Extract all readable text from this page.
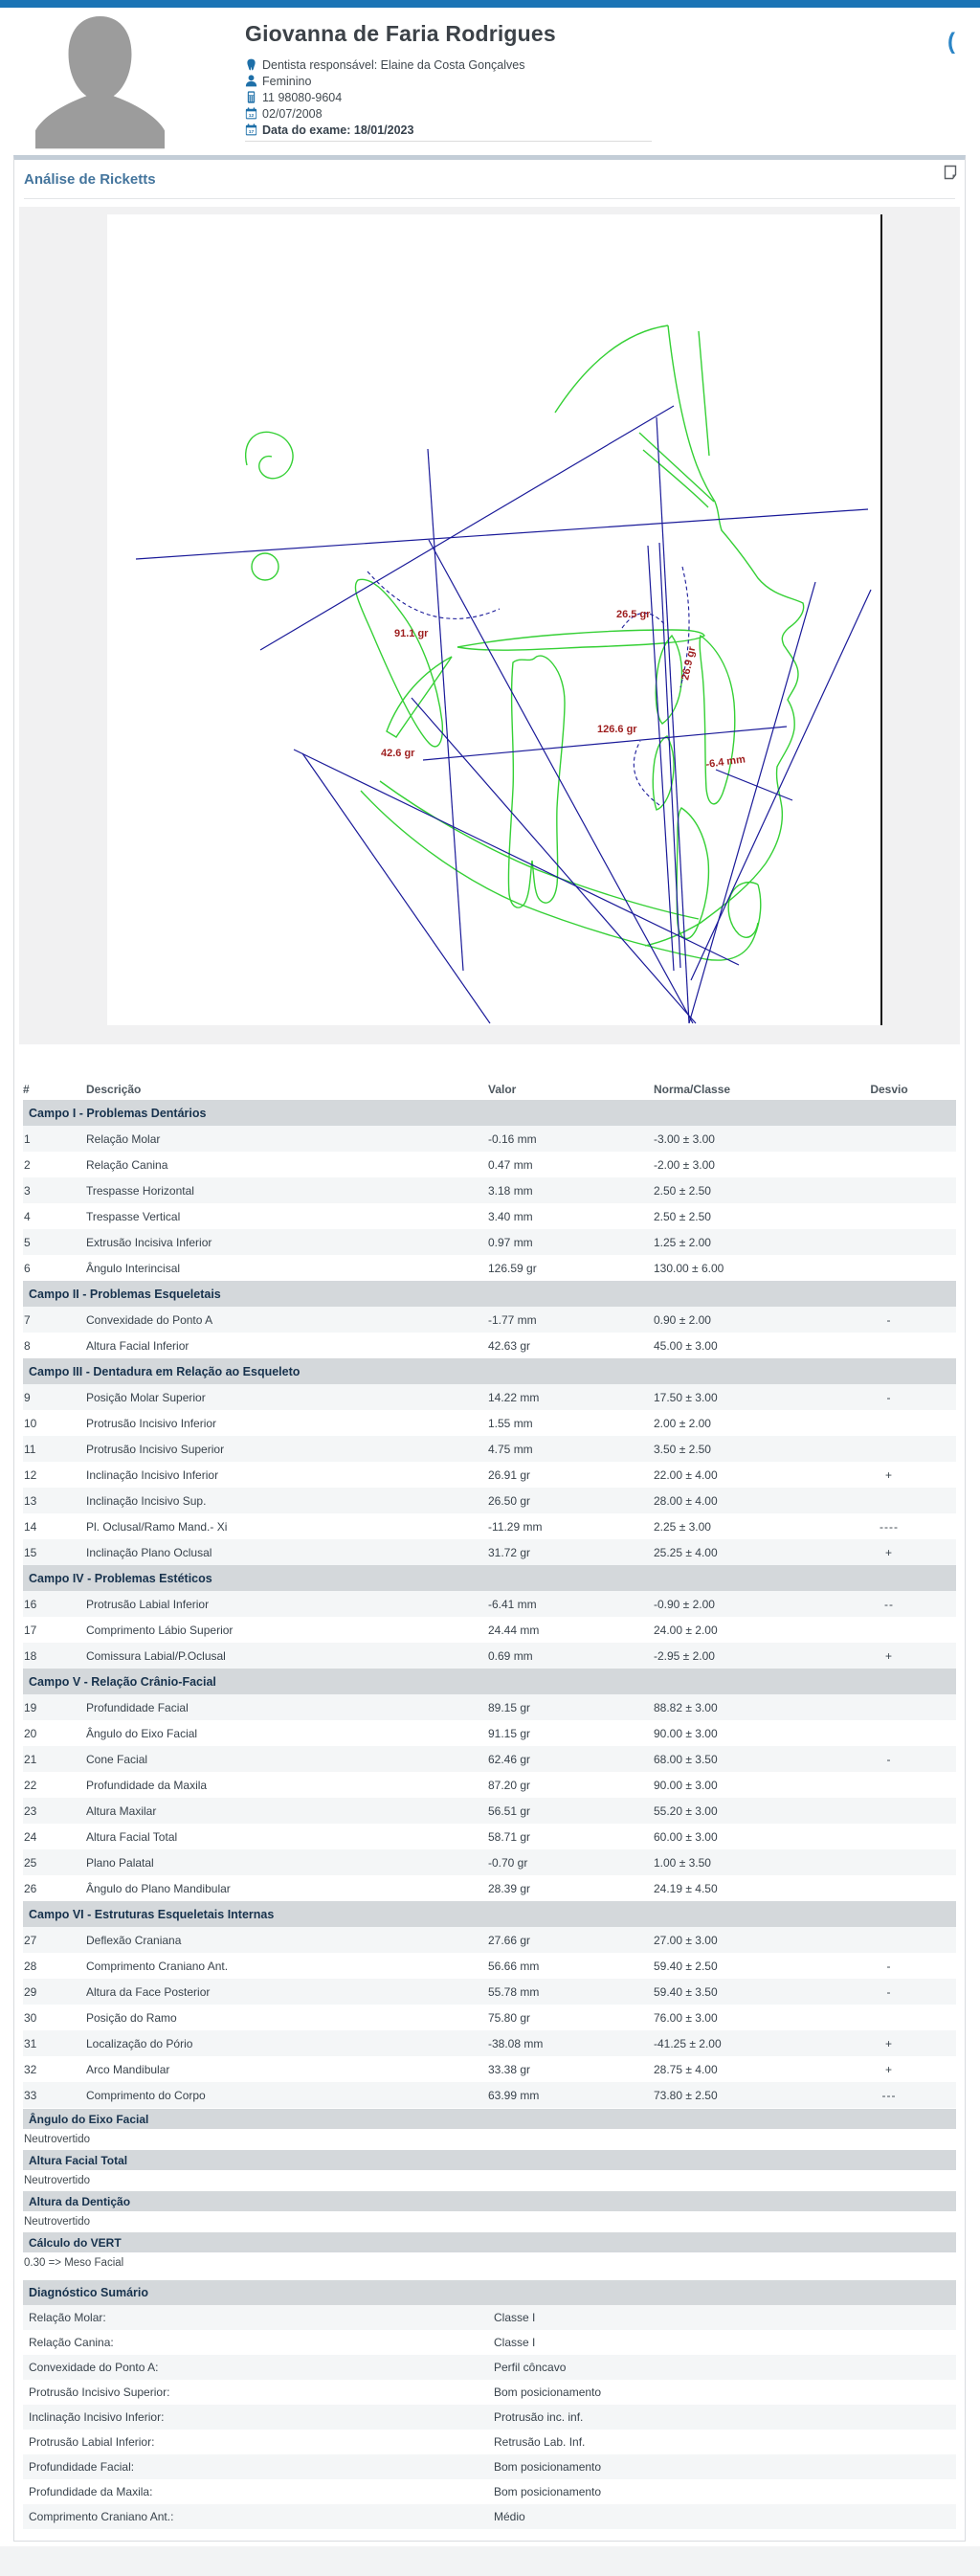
Giovanna de Faria Rodrigues
Dentista responsável: Elaine da Costa Gonçalves
Feminino
11 98080-9604
12 02/07/2008
17 Data do exame:
18/01/2023
(
Análise de Ricketts
91.1 gr
26.5 gr
26.9 gr
126.6 gr
42.6 gr
-6.4 mm
#	Descrição	Valor	Norma/Classe	Desvio
Campo I - Problemas Dentários
1	Relação Molar	-0.16 mm	-3.00 ± 3.00
2	Relação Canina	0.47 mm	-2.00 ± 3.00
3	Trespasse Horizontal	3.18 mm	2.50 ± 2.50
4	Trespasse Vertical	3.40 mm	2.50 ± 2.50
5	Extrusão Incisiva Inferior	0.97 mm	1.25 ± 2.00
6	Ângulo Interincisal	126.59 gr	130.00 ± 6.00
Campo II - Problemas Esqueletais
7	Convexidade do Ponto A	-1.77 mm	0.90 ± 2.00	-
8	Altura Facial Inferior	42.63 gr	45.00 ± 3.00
Campo III - Dentadura em Relação ao Esqueleto
9	Posição Molar Superior	14.22 mm	17.50 ± 3.00	-
10	Protrusão Incisivo Inferior	1.55 mm	2.00 ± 2.00
11	Protrusão Incisivo Superior	4.75 mm	3.50 ± 2.50
12	Inclinação Incisivo Inferior	26.91 gr	22.00 ± 4.00	+
13	Inclinação Incisivo Sup.	26.50 gr	28.00 ± 4.00
14	Pl. Oclusal/Ramo Mand.- Xi	-11.29 mm	2.25 ± 3.00	----
15	Inclinação Plano Oclusal	31.72 gr	25.25 ± 4.00	+
Campo IV - Problemas Estéticos
16	Protrusão Labial Inferior	-6.41 mm	-0.90 ± 2.00	--
17	Comprimento Lábio Superior	24.44 mm	24.00 ± 2.00
18	Comissura Labial/P.Oclusal	0.69 mm	-2.95 ± 2.00	+
Campo V - Relação Crânio-Facial
19	Profundidade Facial	89.15 gr	88.82 ± 3.00
20	Ângulo do Eixo Facial	91.15 gr	90.00 ± 3.00
21	Cone Facial	62.46 gr	68.00 ± 3.50	-
22	Profundidade da Maxila	87.20 gr	90.00 ± 3.00
23	Altura Maxilar	56.51 gr	55.20 ± 3.00
24	Altura Facial Total	58.71 gr	60.00 ± 3.00
25	Plano Palatal	-0.70 gr	1.00 ± 3.50
26	Ângulo do Plano Mandibular	28.39 gr	24.19 ± 4.50
Campo VI - Estruturas Esqueletais Internas
27	Deflexão Craniana	27.66 gr	27.00 ± 3.00
28	Comprimento Craniano Ant.	56.66 mm	59.40 ± 2.50	-
29	Altura da Face Posterior	55.78 mm	59.40 ± 3.50	-
30	Posição do Ramo	75.80 gr	76.00 ± 3.00
31	Localização do Pório	-38.08 mm	-41.25 ± 2.00	+
32	Arco Mandibular	33.38 gr	28.75 ± 4.00	+
33	Comprimento do Corpo	63.99 mm	73.80 ± 2.50	---
Ângulo do Eixo Facial
Neutrovertido
Altura Facial Total
Neutrovertido
Altura da Dentição
Neutrovertido
Cálculo do VERT
0.30 => Meso Facial
Diagnóstico Sumário
Relação Molar:	Classe I
Relação Canina:	Classe I
Convexidade do Ponto A:	Perfil côncavo
Protrusão Incisivo Superior:	Bom posicionamento
Inclinação Incisivo Inferior:	Protrusão inc. inf.
Protrusão Labial Inferior:	Retrusão Lab. Inf.
Profundidade Facial:	Bom posicionamento
Profundidade da Maxila:	Bom posicionamento
Comprimento Craniano Ant.:	Médio
